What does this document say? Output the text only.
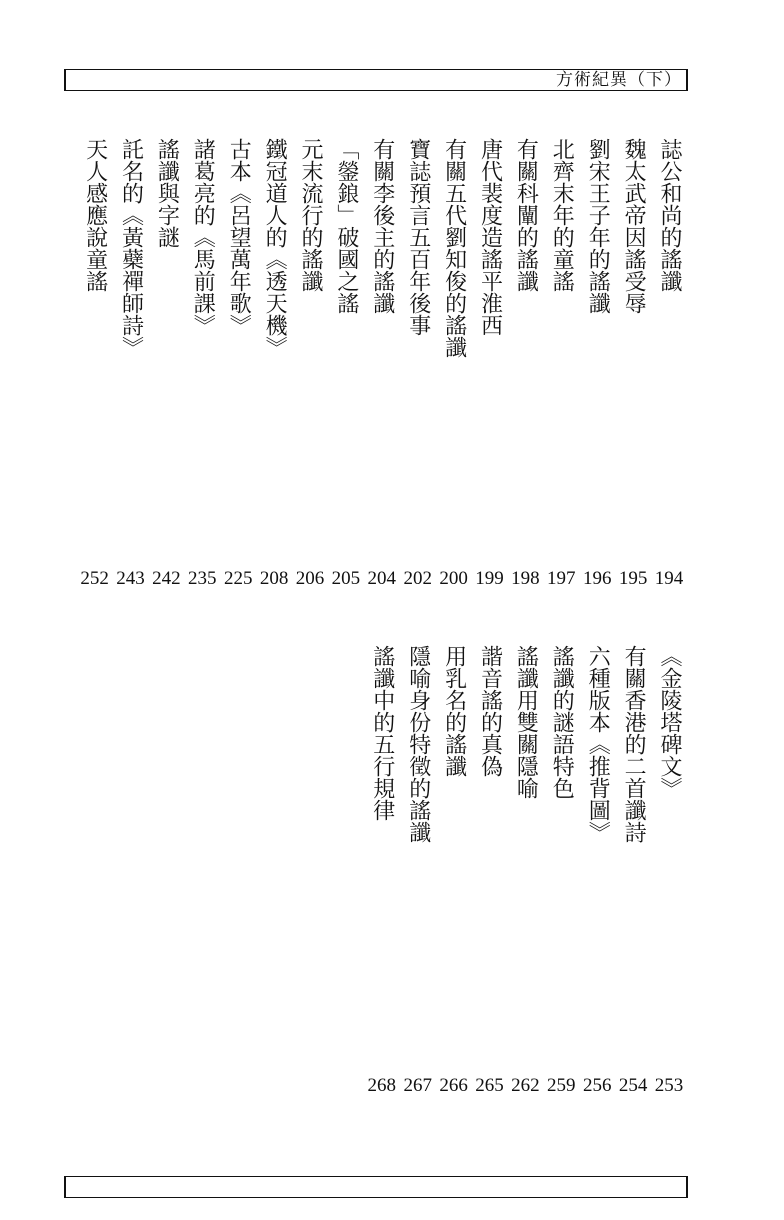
方術紀異（下）
誌公和尚的謠讖
194
魏太武帝因謠受辱
195
劉宋王子年的謠讖
196
北齊末年的童謠
197
有關科闡的謠讖
198
唐代裴度造謠平淮西
199
有關五代劉知俊的謠讖
200
寶誌預言五百年後事
202
有關李後主的謠讖
204
「鎣鋃」破國之謠
205
元末流行的謠讖
206
鐵冠道人的《透天機》
208
古本《呂望萬年歌》
225
諸葛亮的《馬前課》
235
謠讖與字謎
242
託名的《黃蘗禪師詩》
243
天人感應說童謠
252
《金陵塔碑文》
253
有關香港的二首讖詩
254
六種版本《推背圖》
256
謠讖的謎語特色
259
謠讖用雙關隱喻
262
諧音謠的真偽
265
用乳名的謠讖
266
隱喻身份特徵的謠讖
267
謠讖中的五行規律
268
